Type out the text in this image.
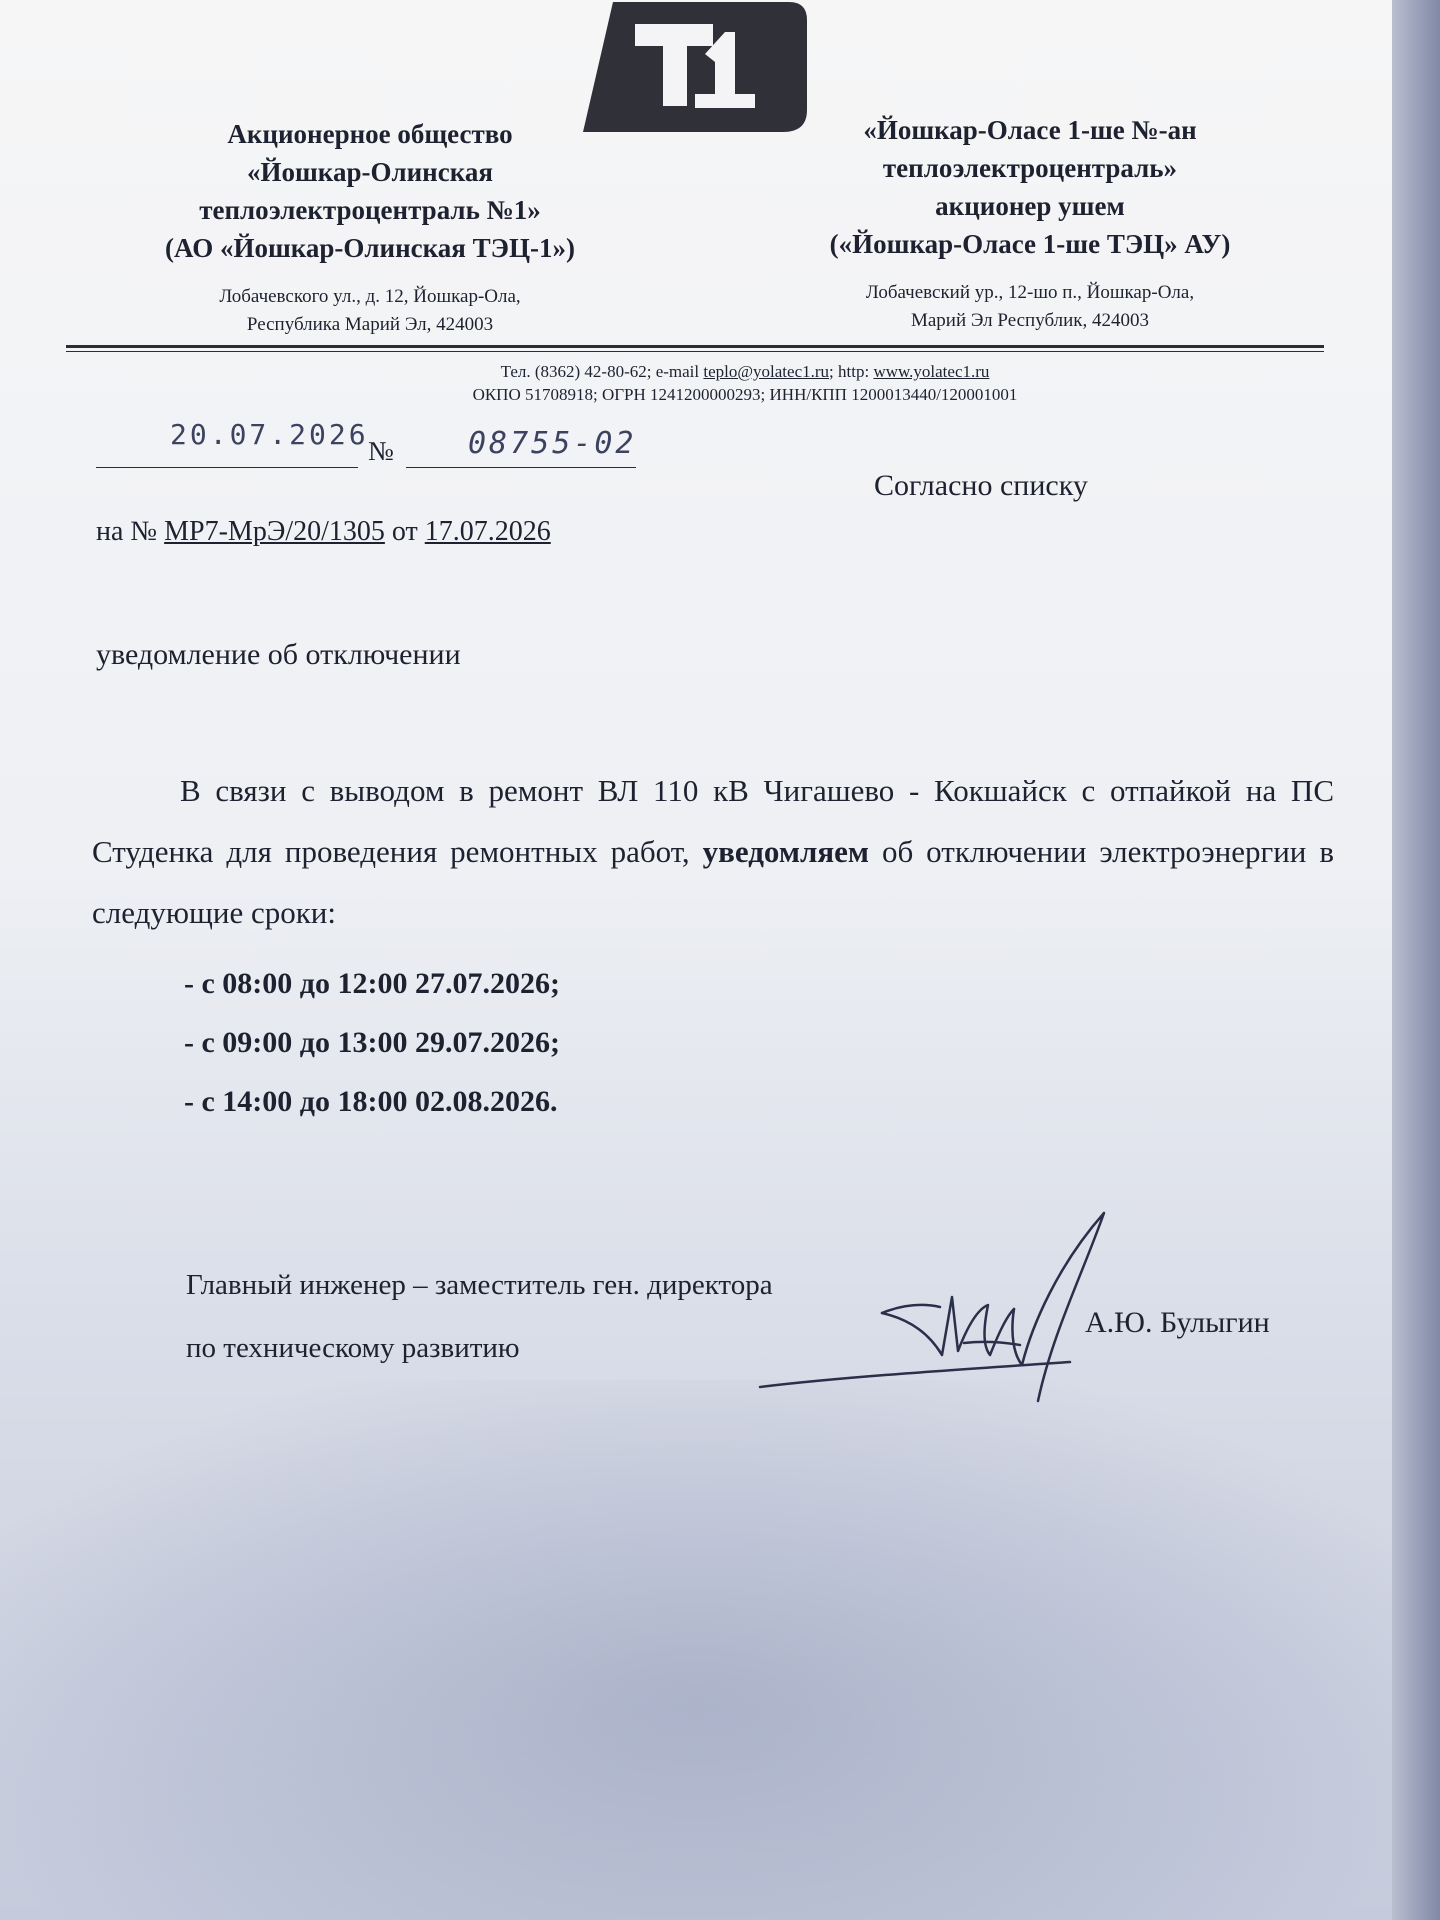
Акционерное общество
«Йошкар-Олинская
теплоэлектроцентраль №1»
(АО «Йошкар-Олинская ТЭЦ-1»)
«Йошкар-Оласе 1-ше №-ан
теплоэлектроцентраль»
акционер ушем
(«Йошкар-Оласе 1-ше ТЭЦ» АУ)
Лобачевского ул., д. 12, Йошкар-Ола,
Республика Марий Эл, 424003
Лобачевский ур., 12-шо п., Йошкар-Ола,
Марий Эл Республик, 424003
Тел. (8362) 42-80-62; e-mail teplo@yolatec1.ru; http: www.yolatec1.ru
ОКПО 51708918; ОГРН 1241200000293; ИНН/КПП 1200013440/120001001
20.07.2026 № 08755-02
Согласно списку
на № МР7-МрЭ/20/1305 от 17.07.2026
уведомление об отключении
В связи с выводом в ремонт ВЛ 110 кВ Чигашево - Кокшайск с отпайкой на ПС Студенка для проведения ремонтных работ, уведомляем об отключении электроэнергии в следующие сроки:
- с 08:00 до 12:00 27.07.2026;
- с 09:00 до 13:00 29.07.2026;
- с 14:00 до 18:00 02.08.2026.
Главный инженер – заместитель ген. директора
по техническому развитию
А.Ю. Булыгин
